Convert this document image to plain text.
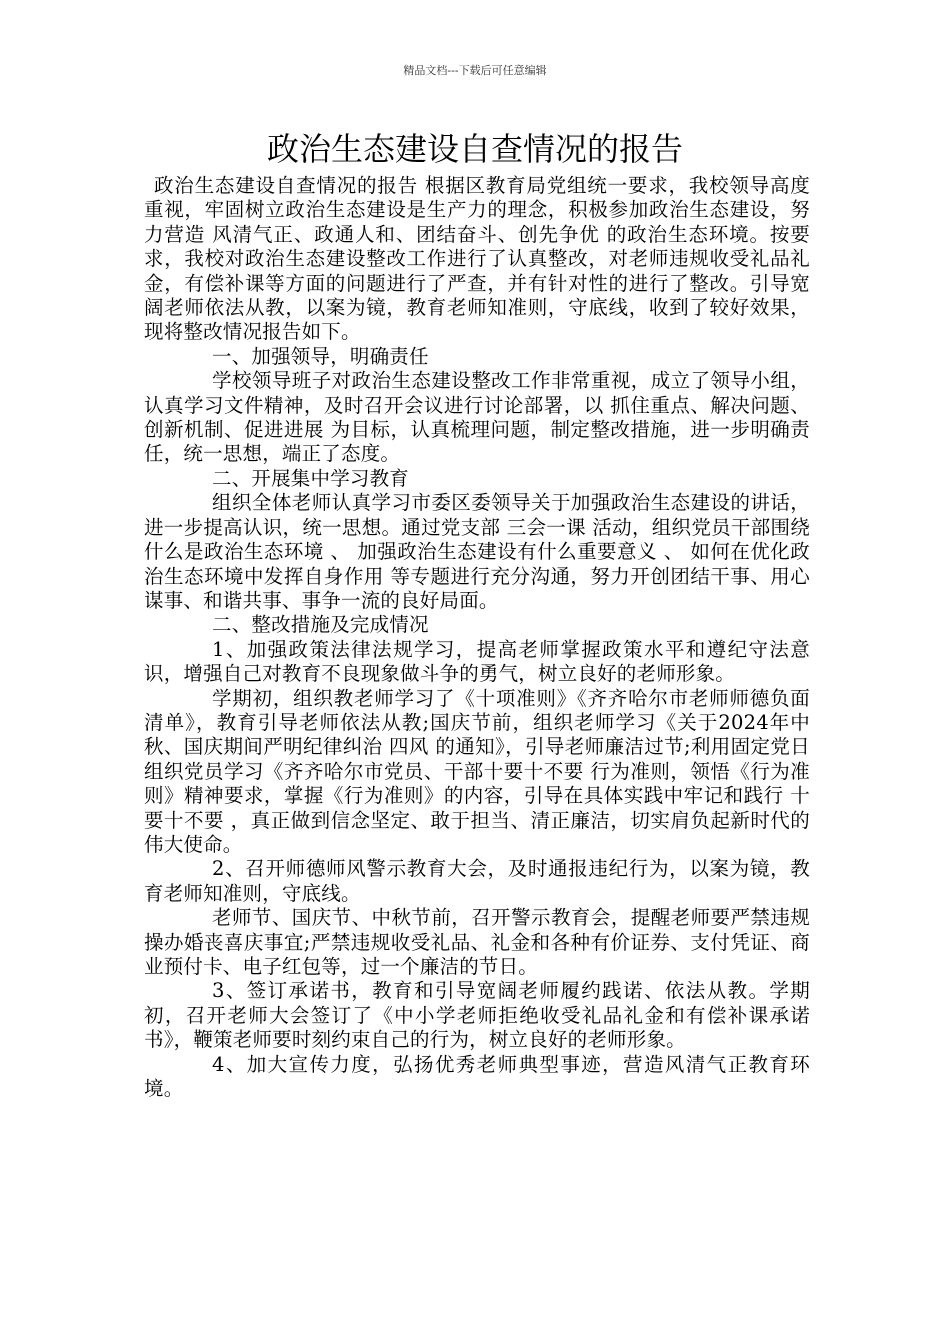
精品文档---下载后可任意编辑
政治生态建设自查情况的报告

政治生态建设自查情况的报告 根据区教育局党组统一要求，我校领导高度重视，牢固树立政治生态建设是生产力的理念，积极参加政治生态建设，努力营造 风清气正、政通人和、团结奋斗、创先争优 的政治生态环境。按要求，我校对政治生态建设整改工作进行了认真整改，对老师违规收受礼品礼金，有偿补课等方面的问题进行了严查，并有针对性的进行了整改。引导宽阔老师依法从教，以案为镜，教育老师知准则，守底线，收到了较好效果，现将整改情况报告如下。

一、加强领导，明确责任

学校领导班子对政治生态建设整改工作非常重视，成立了领导小组，认真学习文件精神，及时召开会议进行讨论部署，以 抓住重点、解决问题、创新机制、促进进展 为目标，认真梳理问题，制定整改措施，进一步明确责任，统一思想，端正了态度。

二、开展集中学习教育

组织全体老师认真学习市委区委领导关于加强政治生态建设的讲话，进一步提高认识，统一思想。通过党支部 三会一课 活动，组织党员干部围绕 什么是政治生态环境 、 加强政治生态建设有什么重要意义 、 如何在优化政治生态环境中发挥自身作用 等专题进行充分沟通，努力开创团结干事、用心谋事、和谐共事、事争一流的良好局面。

二、整改措施及完成情况

1、加强政策法律法规学习，提高老师掌握政策水平和遵纪守法意识，增强自己对教育不良现象做斗争的勇气，树立良好的老师形象。

学期初，组织教老师学习了《十项准则》《齐齐哈尔市老师师德负面清单》，教育引导老师依法从教;国庆节前，组织老师学习《关于2024年中秋、国庆期间严明纪律纠治 四风 的通知》，引导老师廉洁过节;利用固定党日组织党员学习《齐齐哈尔市党员、干部十要十不要 行为准则，领悟《行为准则》精神要求，掌握《行为准则》的内容，引导在具体实践中牢记和践行 十要十不要 ，真正做到信念坚定、敢于担当、清正廉洁，切实肩负起新时代的伟大使命。

2、召开师德师风警示教育大会，及时通报违纪行为，以案为镜，教育老师知准则，守底线。

老师节、国庆节、中秋节前，召开警示教育会，提醒老师要严禁违规操办婚丧喜庆事宜;严禁违规收受礼品、礼金和各种有价证券、支付凭证、商业预付卡、电子红包等，过一个廉洁的节日。

3、签订承诺书，教育和引导宽阔老师履约践诺、依法从教。学期初，召开老师大会签订了《中小学老师拒绝收受礼品礼金和有偿补课承诺书》，鞭策老师要时刻约束自己的行为，树立良好的老师形象。

4、加大宣传力度，弘扬优秀老师典型事迹，营造风清气正教育环境。
